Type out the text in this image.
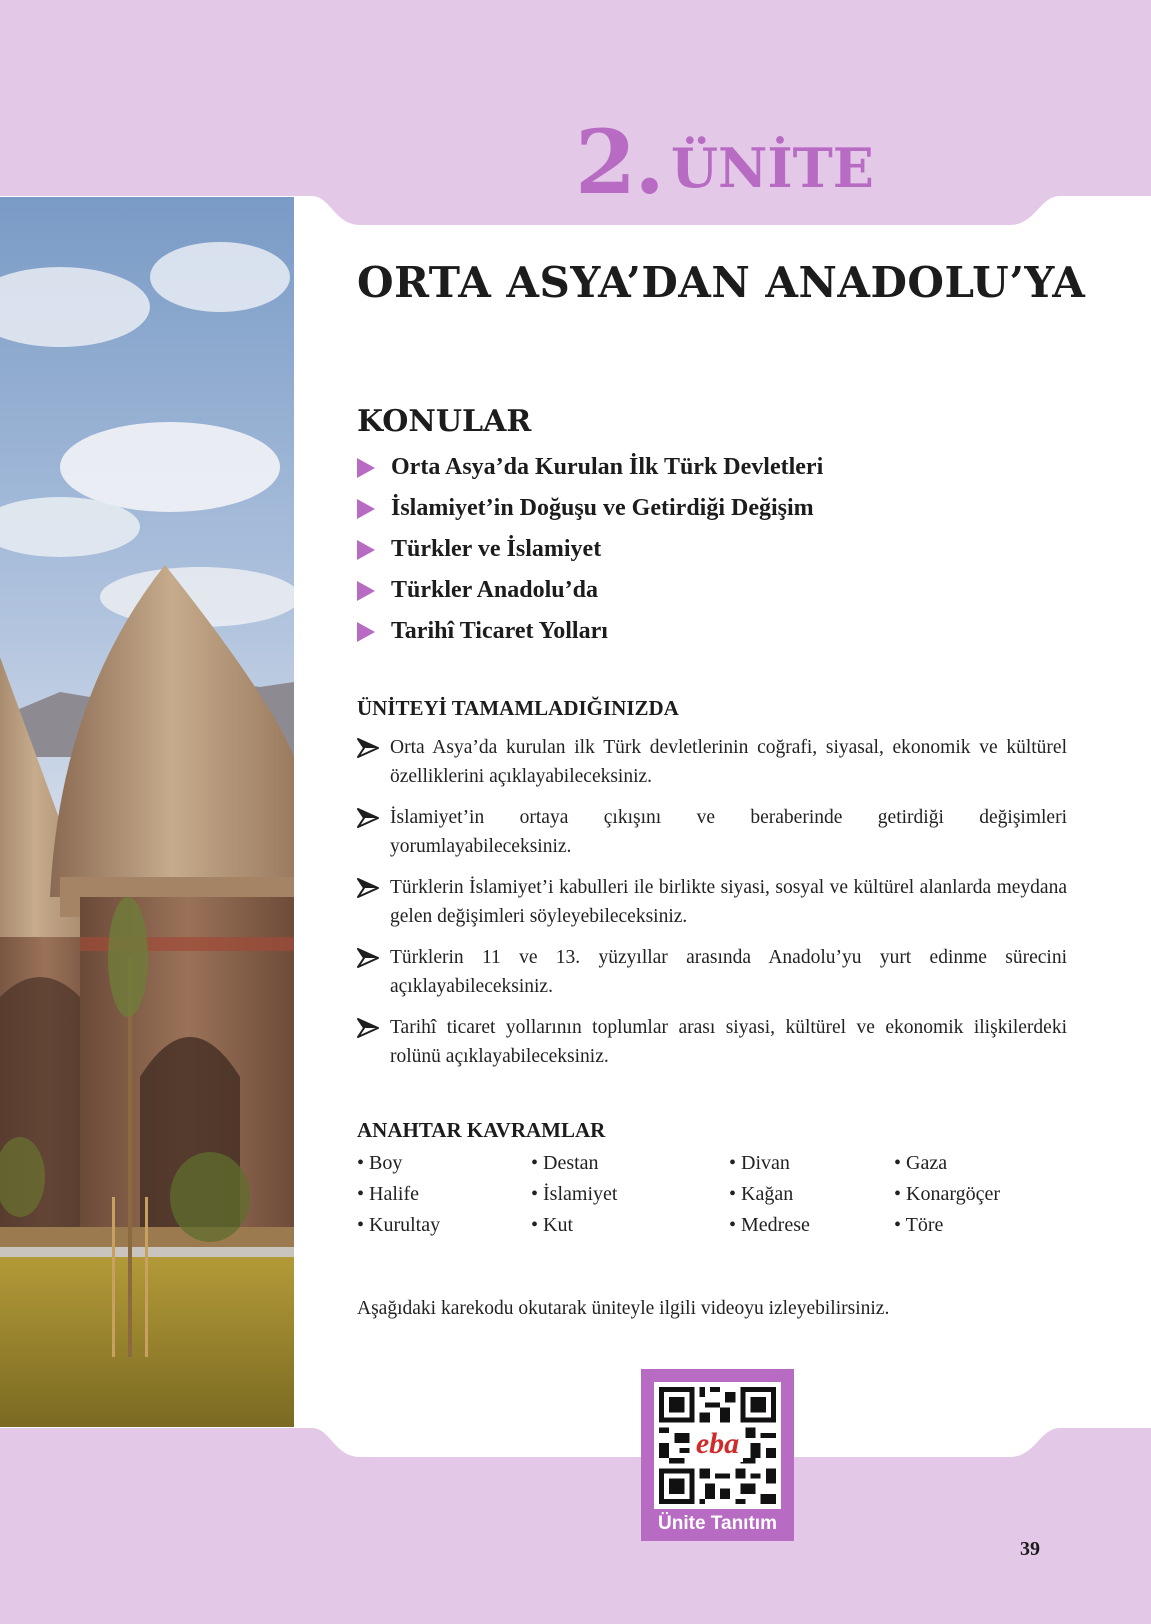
2. ÜNİTE
ORTA ASYA’DAN ANADOLU’YA
KONULAR
Orta Asya’da Kurulan İlk Türk Devletleri
İslamiyet’in Doğuşu ve Getirdiği Değişim
Türkler ve İslamiyet
Türkler Anadolu’da
Tarihî Ticaret Yolları
ÜNİTEYİ TAMAMLADIĞINIZDA
Orta Asya’da kurulan ilk Türk devletlerinin coğrafi, siyasal, ekonomik ve kültürel özelliklerini açıklayabileceksiniz.
İslamiyet’in ortaya çıkışını ve beraberinde getirdiği değişimleri yorumlayabileceksiniz.
Türklerin İslamiyet’i kabulleri ile birlikte siyasi, sosyal ve kültürel alanlarda meydana gelen değişimleri söyleyebileceksiniz.
Türklerin 11 ve 13. yüzyıllar arasında Anadolu’yu yurt edinme sürecini açıklayabileceksiniz.
Tarihî ticaret yollarının toplumlar arası siyasi, kültürel ve ekonomik ilişkilerdeki rolünü açıklayabileceksiniz.
ANAHTAR KAVRAMLAR
• Boy	• Destan	• Divan	• Gaza
• Halife	• İslamiyet	• Kağan	• Konargöçer
• Kurultay	• Kut	• Medrese	• Töre

Aşağıdaki karekodu okutarak üniteyle ilgili videoyu izleyebilirsiniz.

eba
Ünite Tanıtım
39
